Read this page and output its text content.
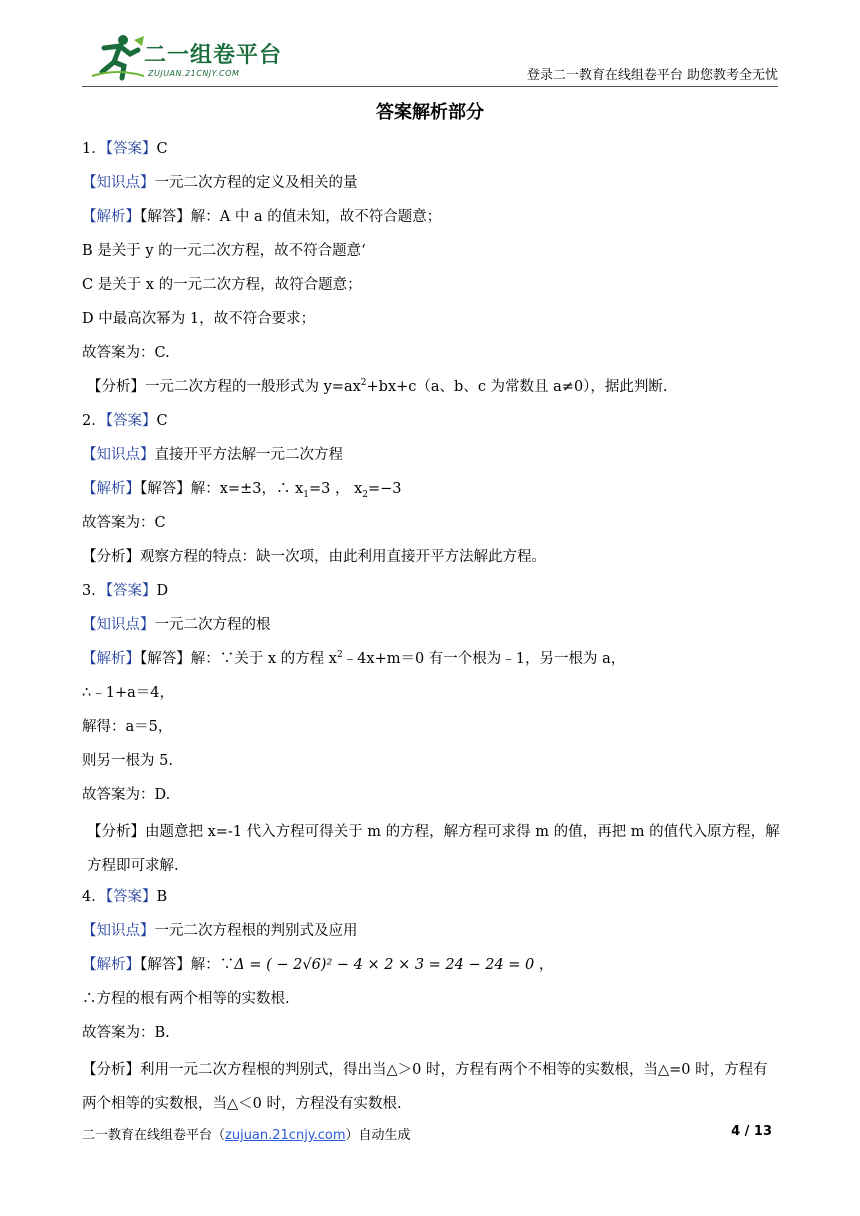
二一组卷平台
ZUJUAN.21CNJY.COM	登录二一教育在线组卷平台 助您教考全无忧
答案解析部分
1．【答案】C
【知识点】一元二次方程的定义及相关的量
【解析】【解答】解：A 中 a 的值未知，故不符合题意；
B 是关于 y 的一元二次方程，故不符合题意‘
C 是关于 x 的一元二次方程，故符合题意；
D 中最高次幂为 1，故不符合要求；
故答案为：C.
【分析】一元二次方程的一般形式为 $y=ax^2+bx+c(a$、b、c 为常数且 a≠0），据此判断.
2．【答案】C
【知识点】直接开平方法解一元二次方程
【解析】【解答】解：x=±3，∴ $x_1=3$ ， $x_2=-3$
故答案为：C
【分析】观察方程的特点：缺一次项，由此利用直接开平方法解此方程。
3．【答案】D
【知识点】一元二次方程的根
【解析】【解答】解：∵关于 x 的方程 $x^2﹣4x+m=0$ 有一个根为﹣1，另一根为 a，
∴﹣1+a＝4，
解得：a＝5，
则另一根为 5.
故答案为：D.
【分析】由题意把 x=-1 代入方程可得关于 m 的方程，解方程可求得 m 的值，再把 m 的值代入原方程，解方程即可求解.
4．【答案】B
【知识点】一元二次方程根的判别式及应用
【解析】【解答】解：∵Δ = ( − 2√6)² − 4 × 2 × 3 = 24 − 24 = 0 ，
∴方程的根有两个相等的实数根.
故答案为：B.
【分析】利用一元二次方程根的判别式，得出当△＞0 时，方程有两个不相等的实数根，当△=0 时，方程有两个相等的实数根，当△＜0 时，方程没有实数根.
二一教育在线组卷平台（zujuan.21cnjy.com）自动生成	4 / 13
